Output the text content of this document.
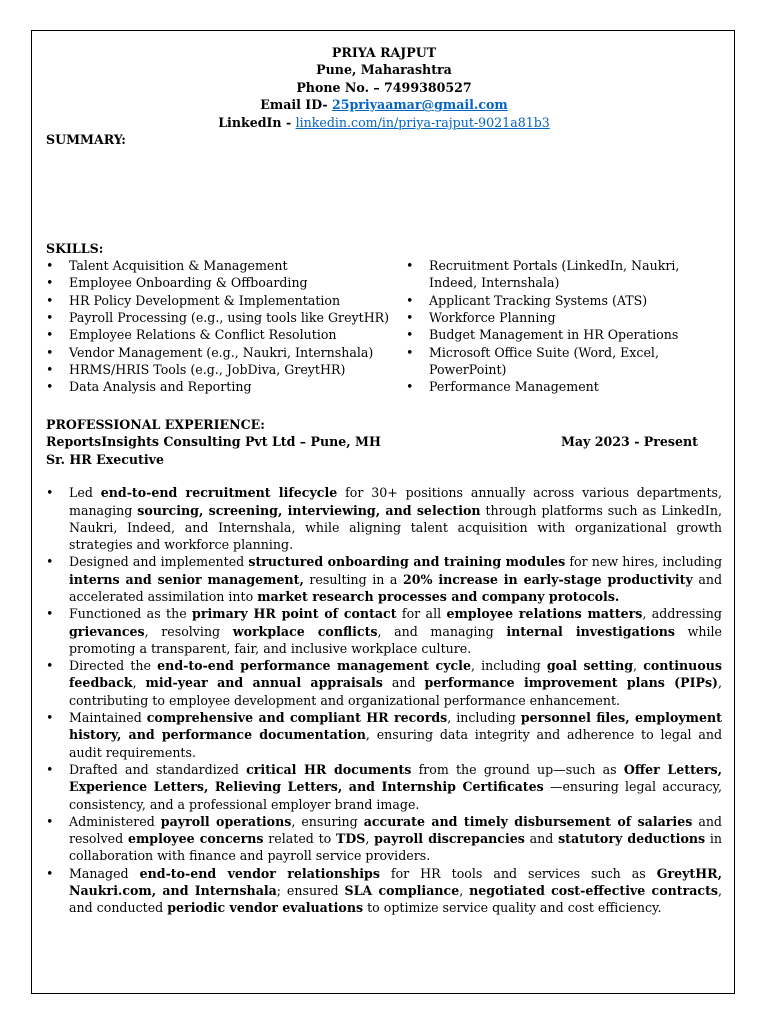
PRIYA RAJPUT
Pune, Maharashtra
Phone No. – 7499380527
Email ID- 25priyaamar@gmail.com
LinkedIn - linkedin.com/in/priya-rajput-9021a81b3
SUMMARY:
SKILLS:
• Talent Acquisition & Management
• Employee Onboarding & Offboarding
• HR Policy Development & Implementation
• Payroll Processing (e.g., using tools like GreytHR)
• Employee Relations & Conflict Resolution
• Vendor Management (e.g., Naukri, Internshala)
• HRMS/HRIS Tools (e.g., JobDiva, GreytHR)
• Data Analysis and Reporting
• Recruitment Portals (LinkedIn, Naukri, Indeed, Internshala)
• Applicant Tracking Systems (ATS)
• Workforce Planning
• Budget Management in HR Operations
• Microsoft Office Suite (Word, Excel, PowerPoint)
• Performance Management
PROFESSIONAL EXPERIENCE:
ReportsInsights Consulting Pvt Ltd – Pune, MH	May 2023 - Present
Sr. HR Executive
• Led end-to-end recruitment lifecycle for 30+ positions annually across various departments, managing sourcing, screening, interviewing, and selection through platforms such as LinkedIn, Naukri, Indeed, and Internshala, while aligning talent acquisition with organizational growth strategies and workforce planning.
• Designed and implemented structured onboarding and training modules for new hires, including interns and senior management, resulting in a 20% increase in early-stage productivity and accelerated assimilation into market research processes and company protocols.
• Functioned as the primary HR point of contact for all employee relations matters, addressing grievances, resolving workplace conflicts, and managing internal investigations while promoting a transparent, fair, and inclusive workplace culture.
• Directed the end-to-end performance management cycle, including goal setting, continuous feedback, mid-year and annual appraisals and performance improvement plans (PIPs), contributing to employee development and organizational performance enhancement.
• Maintained comprehensive and compliant HR records, including personnel files, employment history, and performance documentation, ensuring data integrity and adherence to legal and audit requirements.
• Drafted and standardized critical HR documents from the ground up—such as Offer Letters, Experience Letters, Relieving Letters, and Internship Certificates —ensuring legal accuracy, consistency, and a professional employer brand image.
• Administered payroll operations, ensuring accurate and timely disbursement of salaries and resolved employee concerns related to TDS, payroll discrepancies and statutory deductions in collaboration with finance and payroll service providers.
• Managed end-to-end vendor relationships for HR tools and services such as GreytHR, Naukri.com, and Internshala; ensured SLA compliance, negotiated cost-effective contracts, and conducted periodic vendor evaluations to optimize service quality and cost efficiency.
